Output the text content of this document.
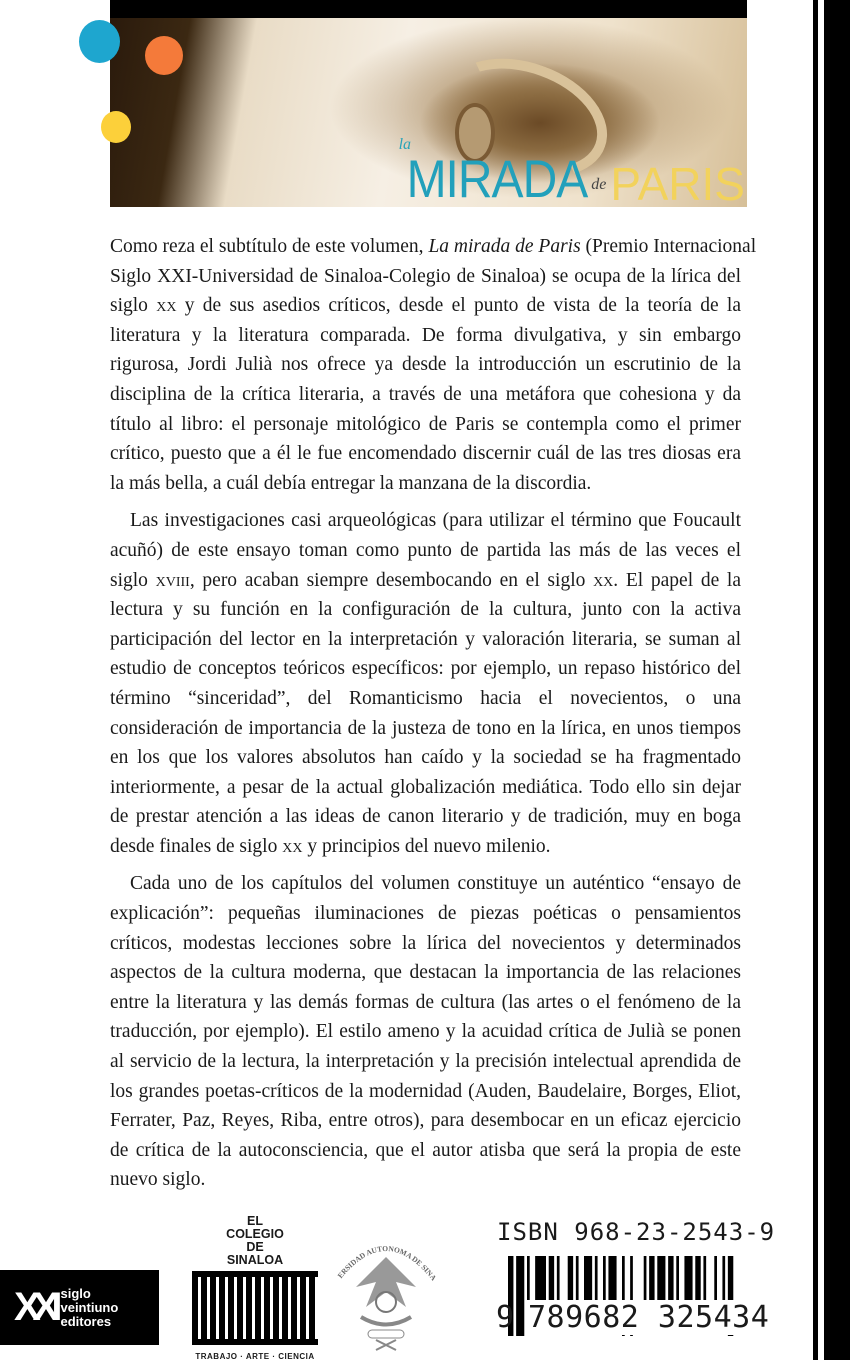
la
MIRADA de PARIS
Como reza el subtítulo de este volumen, La mirada de Paris (Premio Internacional
Siglo XXI-Universidad de Sinaloa-Colegio de Sinaloa) se ocupa de la lírica del
siglo xx y de sus asedios críticos, desde el punto de vista de la teoría de la
literatura y la literatura comparada. De forma divulgativa, y sin embargo
rigurosa, Jordi Julià nos ofrece ya desde la introducción un escrutinio de la
disciplina de la crítica literaria, a través de una metáfora que cohesiona y da
título al libro: el personaje mitológico de Paris se contempla como el primer
crítico, puesto que a él le fue encomendado discernir cuál de las tres diosas era
la más bella, a cuál debía entregar la manzana de la discordia.
Las investigaciones casi arqueológicas (para utilizar el término que Foucault
acuñó) de este ensayo toman como punto de partida las más de las veces el
siglo xviii, pero acaban siempre desembocando en el siglo xx. El papel de la
lectura y su función en la configuración de la cultura, junto con la activa
participación del lector en la interpretación y valoración literaria, se suman al
estudio de conceptos teóricos específicos: por ejemplo, un repaso histórico del
término “sinceridad”, del Romanticismo hacia el novecientos, o una
consideración de importancia de la justeza de tono en la lírica, en unos tiempos
en los que los valores absolutos han caído y la sociedad se ha fragmentado
interiormente, a pesar de la actual globalización mediática. Todo ello sin dejar
de prestar atención a las ideas de canon literario y de tradición, muy en boga
desde finales de siglo xx y principios del nuevo milenio.
Cada uno de los capítulos del volumen constituye un auténtico “ensayo de
explicación”: pequeñas iluminaciones de piezas poéticas o pensamientos
críticos, modestas lecciones sobre la lírica del novecientos y determinados
aspectos de la cultura moderna, que destacan la importancia de las relaciones
entre la literatura y las demás formas de cultura (las artes o el fenómeno de la
traducción, por ejemplo). El estilo ameno y la acuidad crítica de Julià se ponen
al servicio de la lectura, la interpretación y la precisión intelectual aprendida de
los grandes poetas-críticos de la modernidad (Auden, Baudelaire, Borges, Eliot,
Ferrater, Paz, Reyes, Riba, entre otros), para desembocar en un eficaz ejercicio
de crítica de la autoconsciencia, que el autor atisba que será la propia de este
nuevo siglo.
XXI siglo
veintiuno
editores
EL
COLEGIO
DE
SINALOA
TRABAJO · ARTE · CIENCIA
UNIVERSIDAD AUTONOMA DE SINALOA	ISBN 968-23-2543-9
9 789682 325434
